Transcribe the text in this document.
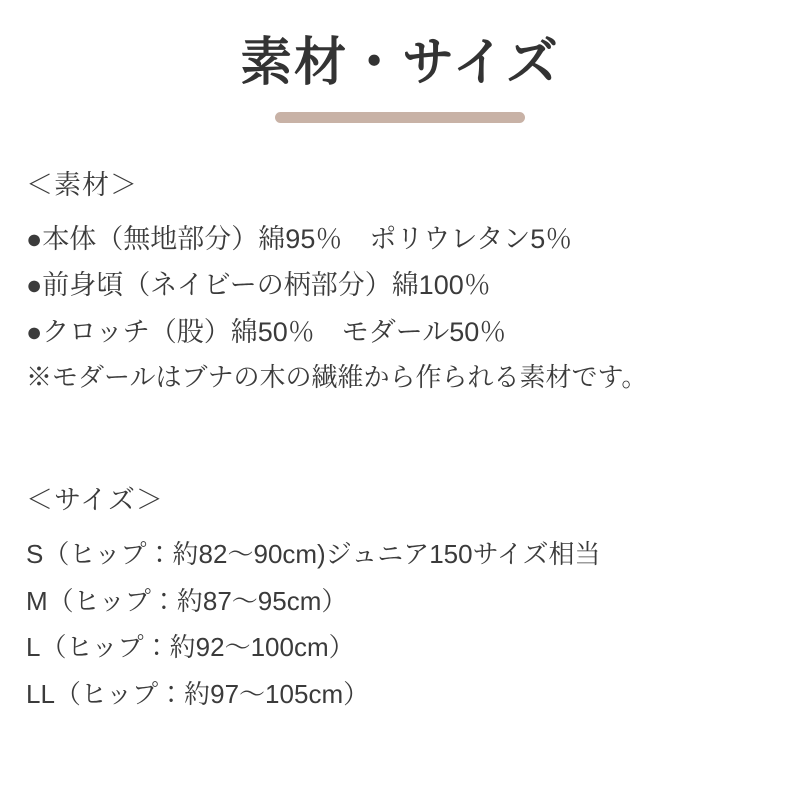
素材・サイズ
＜素材＞
●本体（無地部分）綿95％　ポリウレタン5％
●前身頃（ネイビーの柄部分）綿100％
●クロッチ（股）綿50％　モダール50％
※モダールはブナの木の繊維から作られる素材です。
＜サイズ＞
S（ヒップ：約82〜90cm)ジュニア150サイズ相当
M（ヒップ：約87〜95cm）
L（ヒップ：約92〜100cm）
LL（ヒップ：約97〜105cm）
